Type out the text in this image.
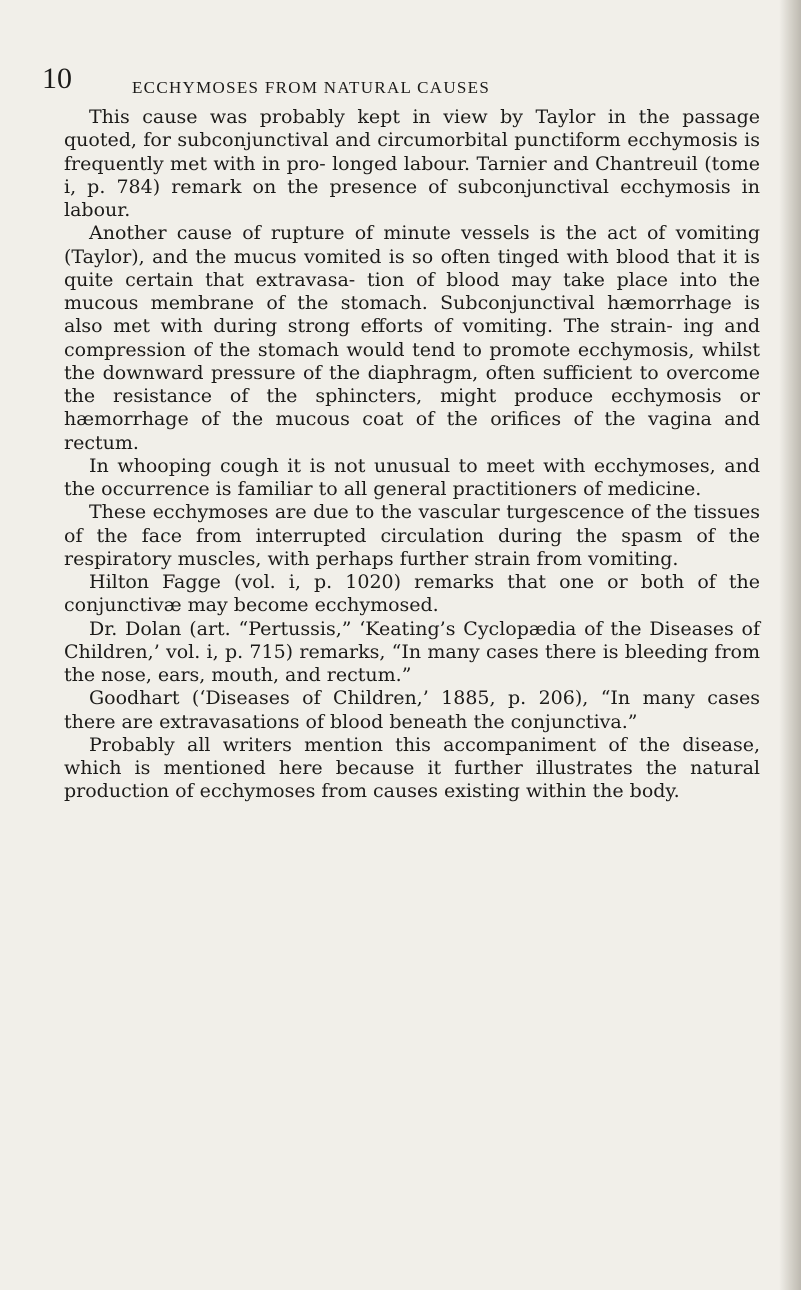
10	ECCHYMOSES FROM NATURAL CAUSES

This cause was probably kept in view by Taylor in the passage quoted, for subconjunctival and circumorbital punctiform ecchymosis is frequently met with in pro- longed labour. Tarnier and Chantreuil (tome i, p. 784) remark on the presence of subconjunctival ecchymosis in labour.

Another cause of rupture of minute vessels is the act of vomiting (Taylor), and the mucus vomited is so often tinged with blood that it is quite certain that extravasa- tion of blood may take place into the mucous membrane of the stomach. Subconjunctival hæmorrhage is also met with during strong efforts of vomiting. The strain- ing and compression of the stomach would tend to promote ecchymosis, whilst the downward pressure of the diaphragm, often sufficient to overcome the resistance of the sphincters, might produce ecchymosis or hæmorrhage of the mucous coat of the orifices of the vagina and rectum.

In whooping cough it is not unusual to meet with ecchymoses, and the occurrence is familiar to all general practitioners of medicine.

These ecchymoses are due to the vascular turgescence of the tissues of the face from interrupted circulation during the spasm of the respiratory muscles, with perhaps further strain from vomiting.

Hilton Fagge (vol. i, p. 1020) remarks that one or both of the conjunctivæ may become ecchymosed.

Dr. Dolan (art. “Pertussis,” ‘Keating’s Cyclopædia of the Diseases of Children,’ vol. i, p. 715) remarks, “In many cases there is bleeding from the nose, ears, mouth, and rectum.”

Goodhart (‘Diseases of Children,’ 1885, p. 206), “In many cases there are extravasations of blood beneath the conjunctiva.”

Probably all writers mention this accompaniment of the disease, which is mentioned here because it further illustrates the natural production of ecchymoses from causes existing within the body.
